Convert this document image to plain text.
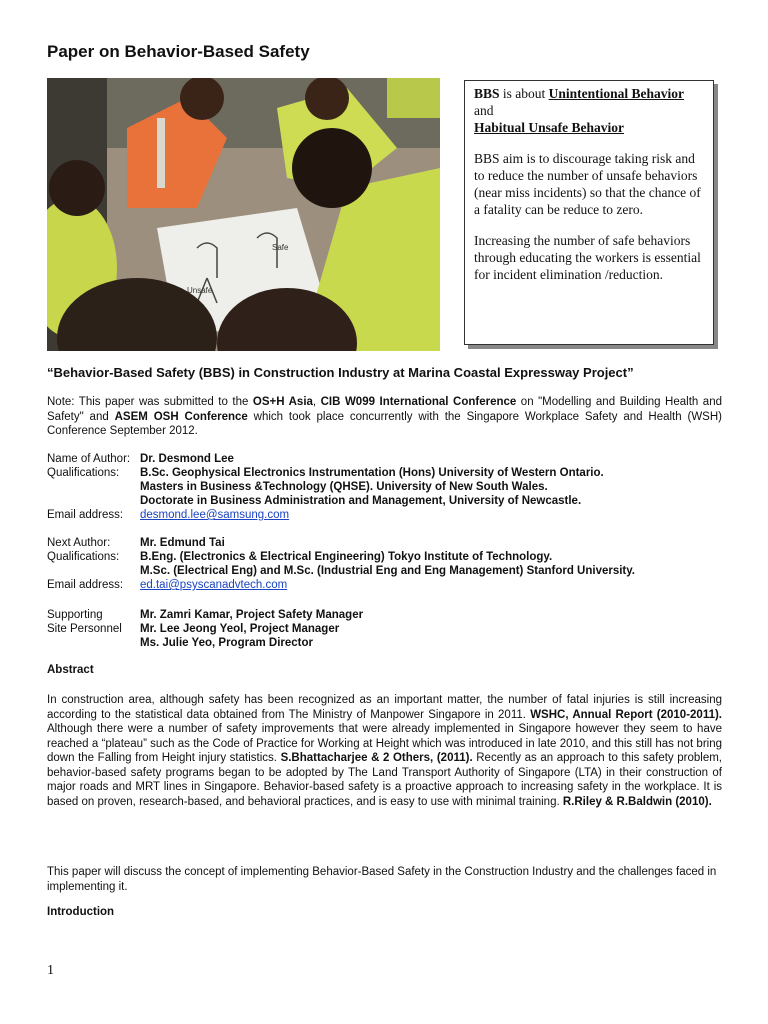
Paper on Behavior-Based Safety
Safe
Unsafe

BBS is about Unintentional Behavior and
Habitual Unsafe Behavior

BBS aim is to discourage taking risk and to reduce the number of unsafe behaviors (near miss incidents) so that the chance of a fatality can be reduce to zero.

Increasing the number of safe behaviors through educating the workers is essential for incident elimination /reduction.

“Behavior-Based Safety (BBS) in Construction Industry at Marina Coastal Expressway Project”

Note: This paper was submitted to the OS+H Asia, CIB W099 International Conference on "Modelling and Building Health and Safety" and ASEM OSH Conference which took place concurrently with the Singapore Workplace Safety and Health (WSH) Conference September 2012.

Name of Author: Dr. Desmond Lee
Qualifications: B.Sc. Geophysical Electronics Instrumentation (Hons) University of Western Ontario.
Masters in Business &Technology (QHSE). University of New South Wales.
Doctorate in Business Administration and Management, University of Newcastle.
Email address: desmond.lee@samsung.com
Next Author:	Mr. Edmund Tai
Qualifications: B.Eng. (Electronics & Electrical Engineering) Tokyo Institute of Technology.
M.Sc. (Electrical Eng) and M.Sc. (Industrial Eng and Eng Management) Stanford University.
Email address: ed.tai@psyscanadvtech.com
Supporting	Mr. Zamri Kamar, Project Safety Manager
Site Personnel Mr. Lee Jeong Yeol, Project Manager
Ms. Julie Yeo, Program Director
Abstract

In construction area, although safety has been recognized as an important matter, the number of fatal injuries is still increasing according to the statistical data obtained from The Ministry of Manpower Singapore in 2011. WSHC, Annual Report (2010-2011). Although there were a number of safety improvements that were already implemented in Singapore however they seem to have reached a “plateau” such as the Code of Practice for Working at Height which was introduced in late 2010, and this still has not bring down the Falling from Height injury statistics. S.Bhattacharjee & 2 Others, (2011). Recently as an approach to this safety problem, behavior-based safety programs began to be adopted by The Land Transport Authority of Singapore (LTA) in their construction of major roads and MRT lines in Singapore. Behavior-based safety is a proactive approach to increasing safety in the workplace. It is based on proven, research-based, and behavioral practices, and is easy to use with minimal training. R.Riley & R.Baldwin (2010).

This paper will discuss the concept of implementing Behavior-Based Safety in the Construction Industry and the challenges faced in implementing it.

Introduction
1
